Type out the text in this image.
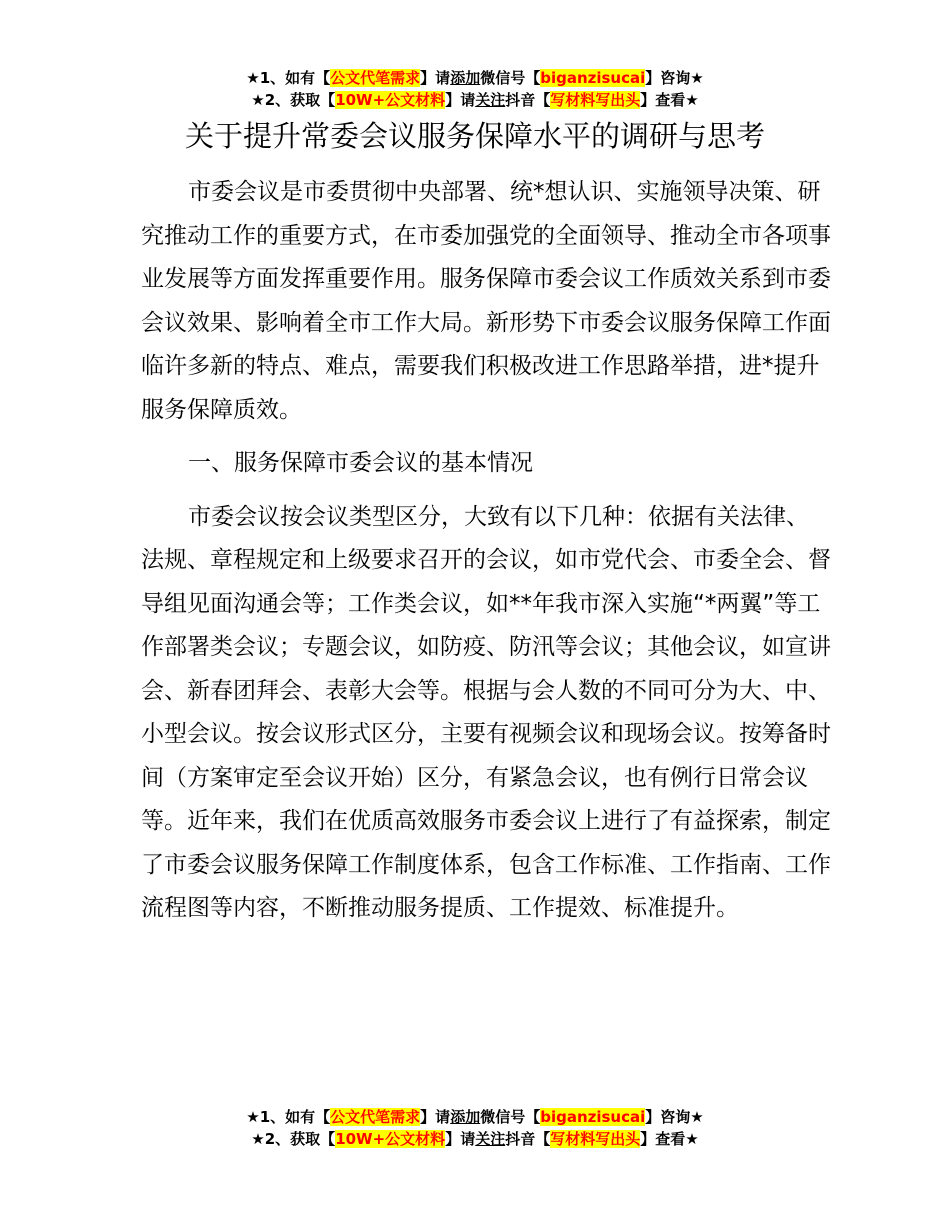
★1、如有【公文代笔需求】请添加微信号【biganzisucai】咨询★
★2、获取【10W+公文材料】请关注抖音【写材料写出头】查看★
关于提升常委会议服务保障水平的调研与思考

市委会议是市委贯彻中央部署、统*想认识、实施领导决策、研究推动工作的重要方式，在市委加强党的全面领导、推动全市各项事业发展等方面发挥重要作用。服务保障市委会议工作质效关系到市委会议效果、影响着全市工作大局。新形势下市委会议服务保障工作面临许多新的特点、难点，需要我们积极改进工作思路举措，进*提升服务保障质效。

一、服务保障市委会议的基本情况

市委会议按会议类型区分，大致有以下几种：依据有关法律、法规、章程规定和上级要求召开的会议，如市党代会、市委全会、督导组见面沟通会等；工作类会议，如**年我市深入实施“*两翼”等工作部署类会议；专题会议，如防疫、防汛等会议；其他会议，如宣讲会、新春团拜会、表彰大会等。根据与会人数的不同可分为大、中、小型会议。按会议形式区分，主要有视频会议和现场会议。按筹备时间（方案审定至会议开始）区分，有紧急会议，也有例行日常会议等。近年来，我们在优质高效服务市委会议上进行了有益探索，制定了市委会议服务保障工作制度体系，包含工作标准、工作指南、工作流程图等内容，不断推动服务提质、工作提效、标准提升。

★1、如有【公文代笔需求】请添加微信号【biganzisucai】咨询★
★2、获取【10W+公文材料】请关注抖音【写材料写出头】查看★
